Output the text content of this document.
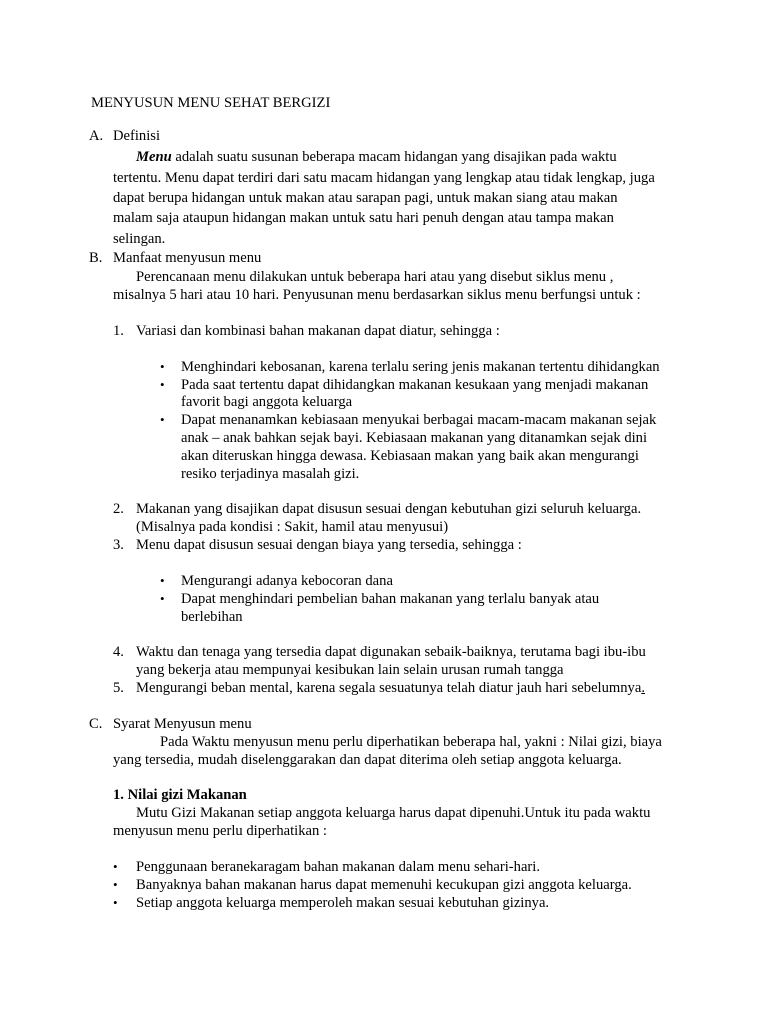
MENYUSUN MENU SEHAT BERGIZI
A. Definisi
Menu adalah suatu susunan beberapa macam hidangan yang disajikan pada waktu
tertentu. Menu dapat terdiri dari satu macam hidangan yang lengkap atau tidak lengkap, juga
dapat berupa hidangan untuk makan atau sarapan pagi, untuk makan siang atau makan
malam saja ataupun hidangan makan untuk satu hari penuh dengan atau tampa makan
selingan.
B. Manfaat menyusun menu
Perencanaan menu dilakukan untuk beberapa hari atau yang disebut siklus menu ,
misalnya 5 hari atau 10 hari. Penyusunan menu berdasarkan siklus menu berfungsi untuk :
1. Variasi dan kombinasi bahan makanan dapat diatur, sehingga :
• Menghindari kebosanan, karena terlalu sering jenis makanan tertentu dihidangkan
• Pada saat tertentu dapat dihidangkan makanan kesukaan yang menjadi makanan
favorit bagi anggota keluarga
• Dapat menanamkan kebiasaan menyukai berbagai macam-macam makanan sejak
anak – anak bahkan sejak bayi. Kebiasaan makanan yang ditanamkan sejak dini
akan diteruskan hingga dewasa. Kebiasaan makan yang baik akan mengurangi
resiko terjadinya masalah gizi.
2. Makanan yang disajikan dapat disusun sesuai dengan kebutuhan gizi seluruh keluarga.
(Misalnya pada kondisi : Sakit, hamil atau menyusui)
3. Menu dapat disusun sesuai dengan biaya yang tersedia, sehingga :
• Mengurangi adanya kebocoran dana
• Dapat menghindari pembelian bahan makanan yang terlalu banyak atau
berlebihan
4. Waktu dan tenaga yang tersedia dapat digunakan sebaik-baiknya, terutama bagi ibu-ibu
yang bekerja atau mempunyai kesibukan lain selain urusan rumah tangga
5. Mengurangi beban mental, karena segala sesuatunya telah diatur jauh hari sebelumnya.
C. Syarat Menyusun menu
Pada Waktu menyusun menu perlu diperhatikan beberapa hal, yakni : Nilai gizi, biaya
yang tersedia, mudah diselenggarakan dan dapat diterima oleh setiap anggota keluarga.
1. Nilai gizi Makanan
Mutu Gizi Makanan setiap anggota keluarga harus dapat dipenuhi.Untuk itu pada waktu
menyusun menu perlu diperhatikan :
• Penggunaan beranekaragam bahan makanan dalam menu sehari-hari.
• Banyaknya bahan makanan harus dapat memenuhi kecukupan gizi anggota keluarga.
• Setiap anggota keluarga memperoleh makan sesuai kebutuhan gizinya.
